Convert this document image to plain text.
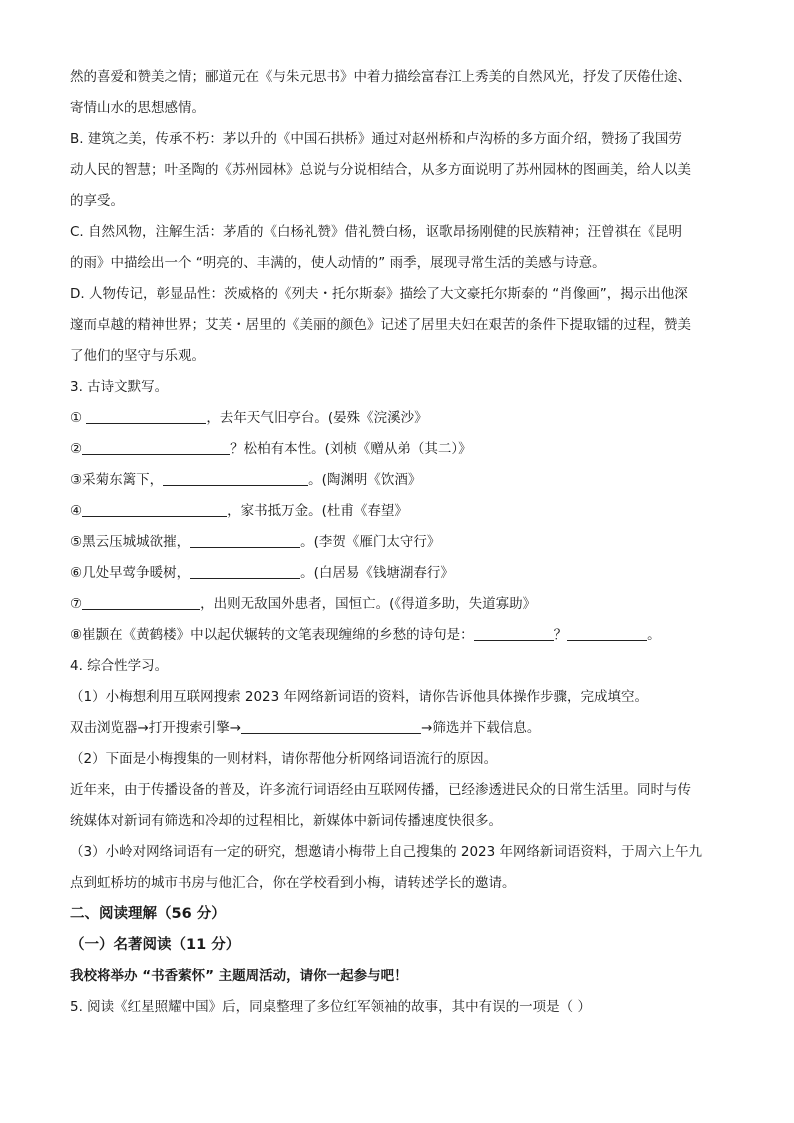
然的喜爱和赞美之情；郦道元在《与朱元思书》中着力描绘富春江上秀美的自然风光，抒发了厌倦仕途、
寄情山水的思想感情。
B. 建筑之美，传承不朽：茅以升的《中国石拱桥》通过对赵州桥和卢沟桥的多方面介绍，赞扬了我国劳
动人民的智慧；叶圣陶的《苏州园林》总说与分说相结合，从多方面说明了苏州园林的图画美，给人以美
的享受。
C. 自然风物，注解生活：茅盾的《白杨礼赞》借礼赞白杨，讴歌昂扬刚健的民族精神；汪曾祺在《昆明
的雨》中描绘出一个 “明亮的、丰满的，使人动情的” 雨季，展现寻常生活的美感与诗意。
D. 人物传记，彰显品性：茨威格的《列夫・托尔斯泰》描绘了大文豪托尔斯泰的 “肖像画”，揭示出他深
邃而卓越的精神世界；艾芙・居里的《美丽的颜色》记述了居里夫妇在艰苦的条件下提取镭的过程，赞美
了他们的坚守与乐观。
3. 古诗文默写。
①	，去年天气旧亭台。(晏殊《浣溪沙》
②	？松柏有本性。(刘桢《赠从弟（其二）》
③采菊东篱下，	。(陶渊明《饮酒》
④	，家书抵万金。(杜甫《春望》
⑤黑云压城城欲摧，	。(李贺《雁门太守行》
⑥几处早莺争暖树，	。(白居易《钱塘湖春行》
⑦	，出则无敌国外患者，国恒亡。(《得道多助，失道寡助》
⑧崔颢在《黄鹤楼》中以起伏辗转的文笔表现缠绵的乡愁的诗句是：	？	。
4. 综合性学习。
（1）小梅想利用互联网搜索 2023 年网络新词语的资料，请你告诉他具体操作步骤，完成填空。
双击浏览器→打开搜索引擎→	→筛选并下载信息。
（2）下面是小梅搜集的一则材料，请你帮他分析网络词语流行的原因。
近年来，由于传播设备的普及，许多流行词语经由互联网传播，已经渗透进民众的日常生活里。同时与传
统媒体对新词有筛选和冷却的过程相比，新媒体中新词传播速度快很多。
（3）小岭对网络词语有一定的研究，想邀请小梅带上自己搜集的 2023 年网络新词语资料，于周六上午九
点到虹桥坊的城市书房与他汇合，你在学校看到小梅，请转述学长的邀请。
二、阅读理解（56 分）
（一）名著阅读（11 分）
我校将举办 “书香萦怀” 主题周活动，请你一起参与吧！
5. 阅读《红星照耀中国》后，同桌整理了多位红军领袖的故事，其中有误的一项是（ ）
